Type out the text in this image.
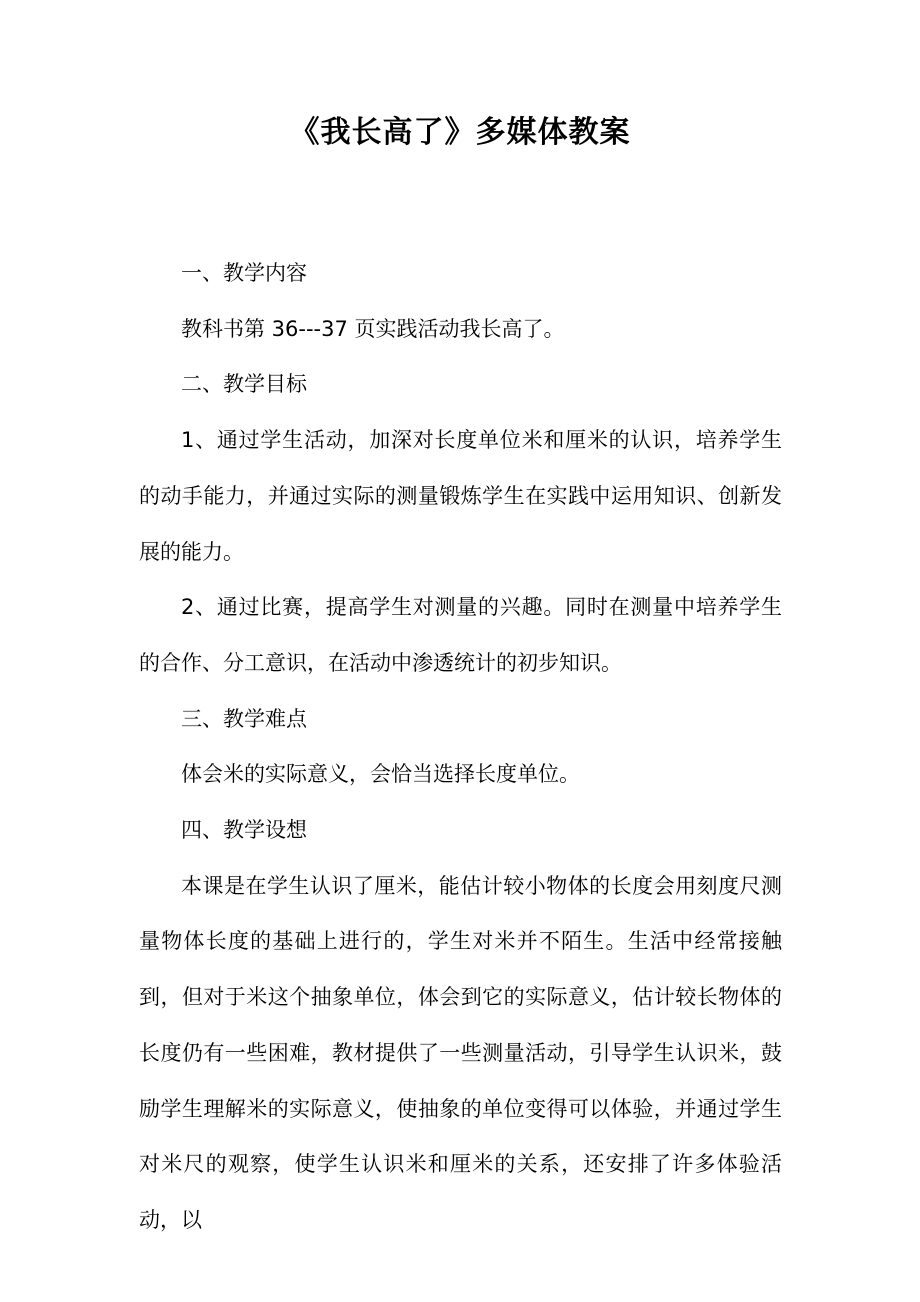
《我长高了》多媒体教案

一、教学内容

教科书第 36---37 页实践活动我长高了。

二、教学目标

1、通过学生活动，加深对长度单位米和厘米的认识，培养学生的动手能力，并通过实际的测量锻炼学生在实践中运用知识、创新发展的能力。

2、通过比赛，提高学生对测量的兴趣。同时在测量中培养学生的合作、分工意识，在活动中渗透统计的初步知识。

三、教学难点

体会米的实际意义，会恰当选择长度单位。

四、教学设想

本课是在学生认识了厘米，能估计较小物体的长度会用刻度尺测量物体长度的基础上进行的，学生对米并不陌生。生活中经常接触到，但对于米这个抽象单位，体会到它的实际意义，估计较长物体的长度仍有一些困难，教材提供了一些测量活动，引导学生认识米，鼓励学生理解米的实际意义，使抽象的单位变得可以体验，并通过学生对米尺的观察，使学生认识米和厘米的关系，还安排了许多体验活动，以
